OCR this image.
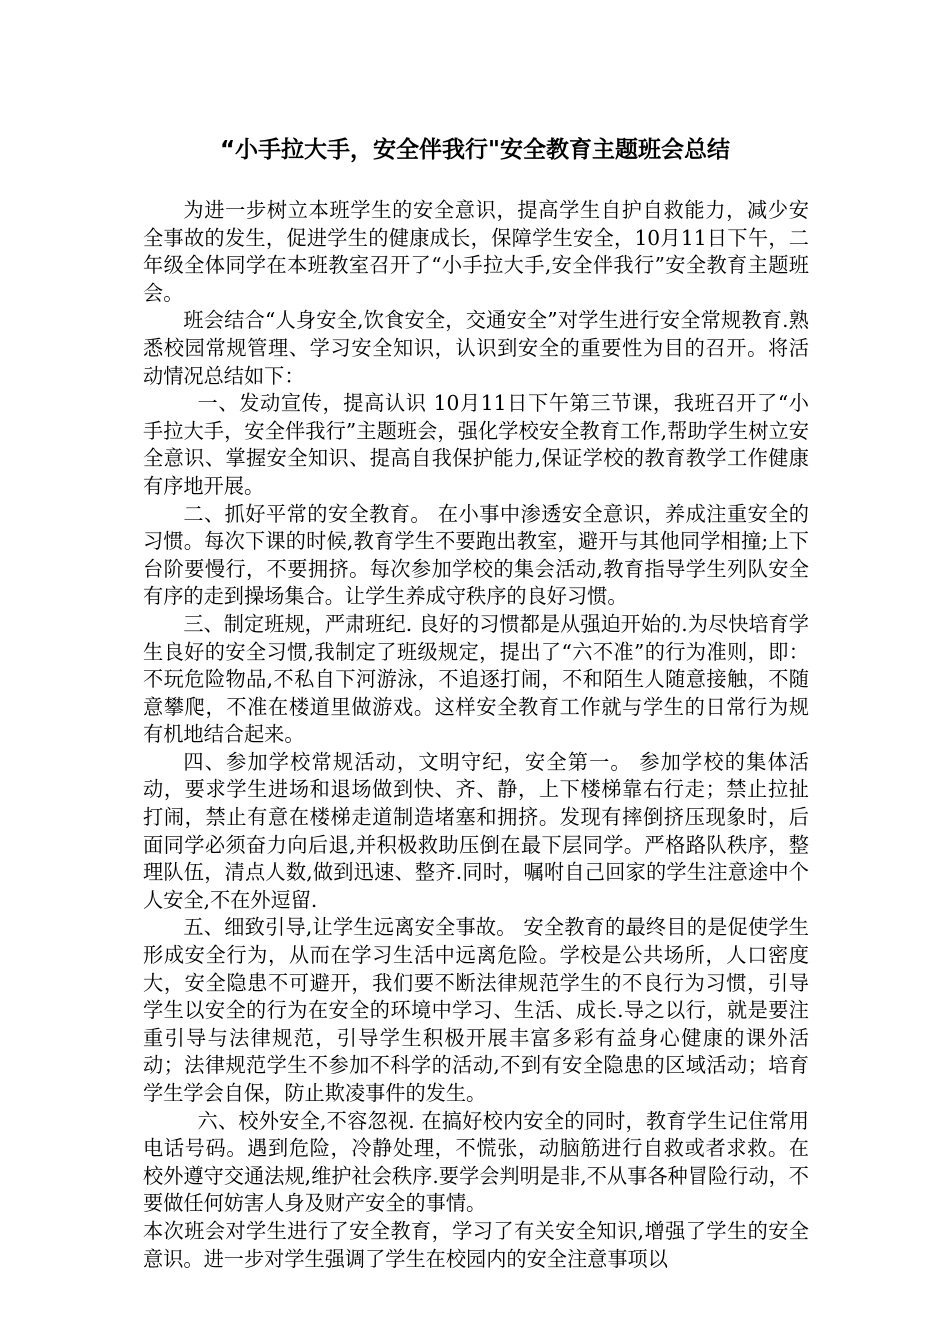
“小手拉大手，安全伴我行"安全教育主题班会总结

为进一步树立本班学生的安全意识，提高学生自护自救能力，减少安全事故的发生，促进学生的健康成长，保障学生安全，10月11日下午，二年级全体同学在本班教室召开了“小手拉大手,安全伴我行”安全教育主题班会。

班会结合“人身安全,饮食安全，交通安全”对学生进行安全常规教育.熟悉校园常规管理、学习安全知识，认识到安全的重要性为目的召开。将活动情况总结如下：

一、发动宣传，提高认识 10月11日下午第三节课，我班召开了“小手拉大手，安全伴我行”主题班会，强化学校安全教育工作,帮助学生树立安全意识、掌握安全知识、提高自我保护能力,保证学校的教育教学工作健康有序地开展。

二、抓好平常的安全教育。 在小事中渗透安全意识，养成注重安全的习惯。每次下课的时候,教育学生不要跑出教室，避开与其他同学相撞;上下台阶要慢行，不要拥挤。每次参加学校的集会活动,教育指导学生列队安全有序的走到操场集合。让学生养成守秩序的良好习惯。

三、制定班规，严肃班纪. 良好的习惯都是从强迫开始的.为尽快培育学生良好的安全习惯,我制定了班级规定，提出了“六不准”的行为准则，即：不玩危险物品,不私自下河游泳，不追逐打闹，不和陌生人随意接触，不随意攀爬，不准在楼道里做游戏。这样安全教育工作就与学生的日常行为规有机地结合起来。

四、参加学校常规活动，文明守纪，安全第一。 参加学校的集体活动，要求学生进场和退场做到快、齐、静，上下楼梯靠右行走；禁止拉扯打闹，禁止有意在楼梯走道制造堵塞和拥挤。发现有摔倒挤压现象时，后面同学必须奋力向后退,并积极救助压倒在最下层同学。严格路队秩序，整理队伍，清点人数,做到迅速、整齐.同时，嘱咐自己回家的学生注意途中个人安全,不在外逗留.

五、细致引导,让学生远离安全事故。 安全教育的最终目的是促使学生形成安全行为，从而在学习生活中远离危险。学校是公共场所，人口密度大，安全隐患不可避开，我们要不断法律规范学生的不良行为习惯，引导学生以安全的行为在安全的环境中学习、生活、成长.导之以行，就是要注重引导与法律规范，引导学生积极开展丰富多彩有益身心健康的课外活动；法律规范学生不参加不科学的活动,不到有安全隐患的区域活动；培育学生学会自保，防止欺凌事件的发生。

六、校外安全,不容忽视. 在搞好校内安全的同时，教育学生记住常用电话号码。遇到危险，冷静处理，不慌张，动脑筋进行自救或者求救。在校外遵守交通法规,维护社会秩序.要学会判明是非,不从事各种冒险行动，不要做任何妨害人身及财产安全的事情。

本次班会对学生进行了安全教育，学习了有关安全知识,增强了学生的安全意识。进一步对学生强调了学生在校园内的安全注意事项以
